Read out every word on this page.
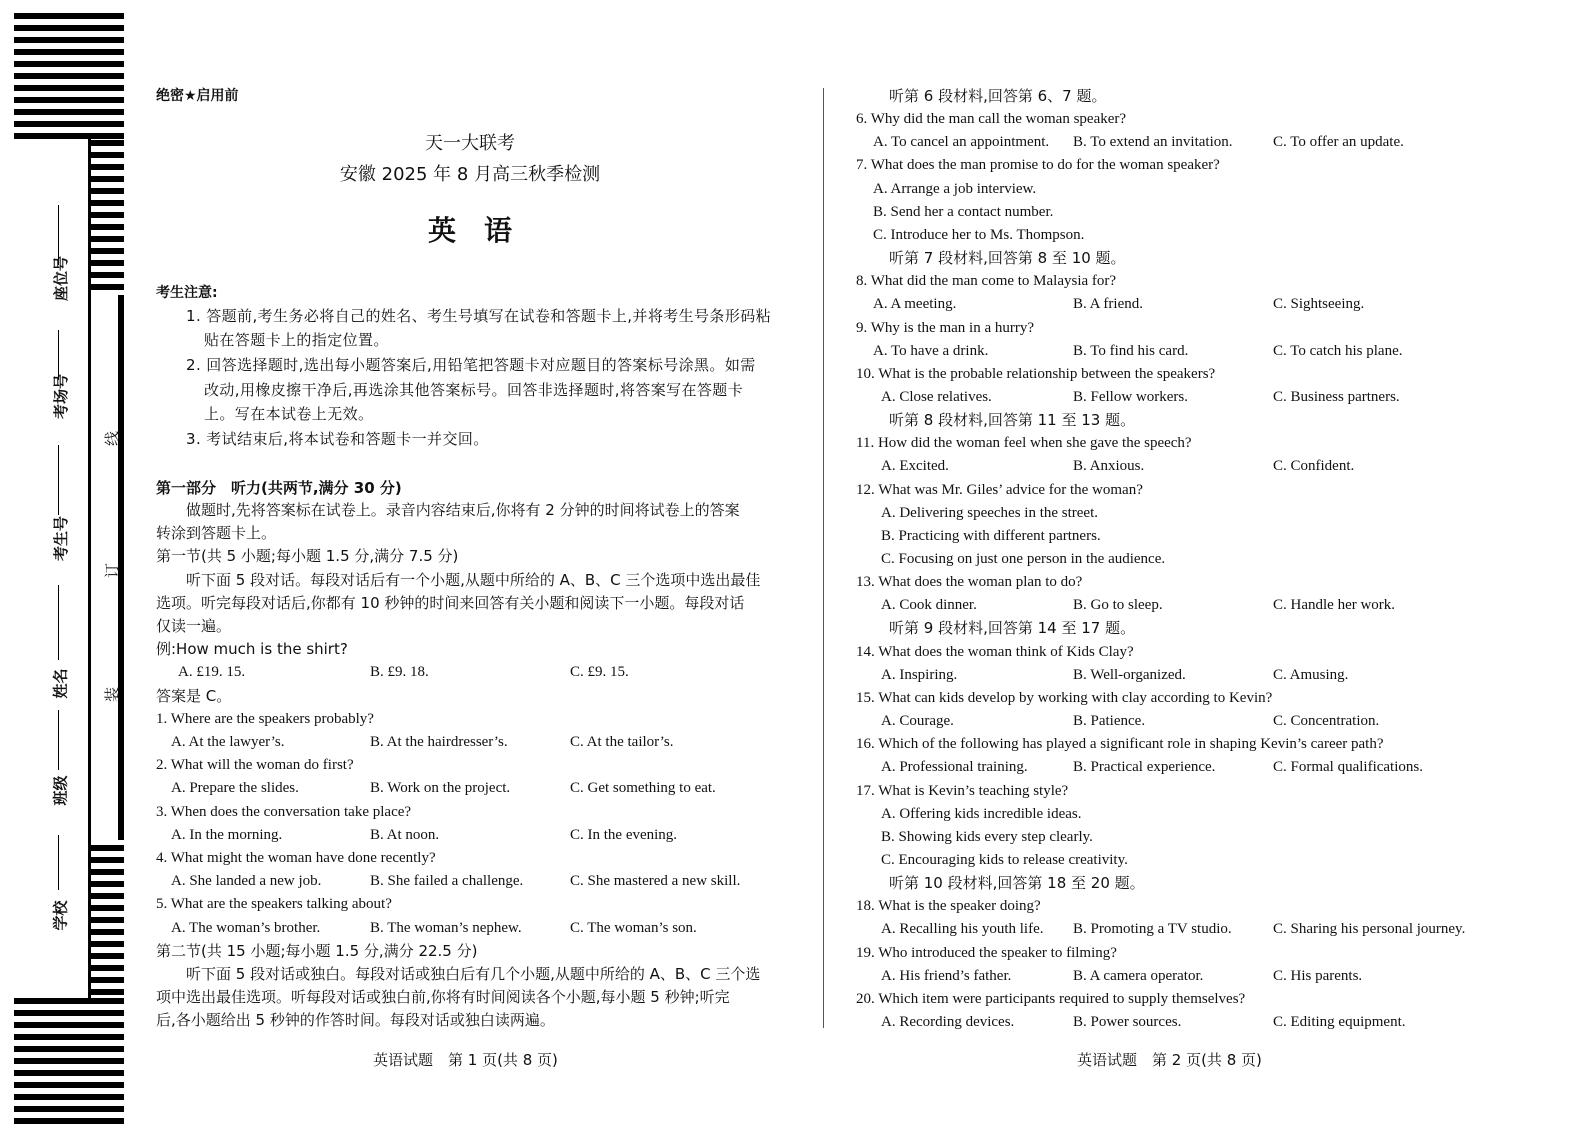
座位号
考场号
考生号
姓名
班级
学校
线
订
装
绝密★启用前
天一大联考
安徽 2025 年 8 月高三秋季检测
英　语
考生注意:
1. 答题前,考生务必将自己的姓名、考生号填写在试卷和答题卡上,并将考生号条形码粘
贴在答题卡上的指定位置。
2. 回答选择题时,选出每小题答案后,用铅笔把答题卡对应题目的答案标号涂黑。如需
改动,用橡皮擦干净后,再选涂其他答案标号。回答非选择题时,将答案写在答题卡
上。写在本试卷上无效。
3. 考试结束后,将本试卷和答题卡一并交回。
第一部分　听力(共两节,满分 30 分)
做题时,先将答案标在试卷上。录音内容结束后,你将有 2 分钟的时间将试卷上的答案
转涂到答题卡上。
第一节(共 5 小题;每小题 1.5 分,满分 7.5 分)
听下面 5 段对话。每段对话后有一个小题,从题中所给的 A、B、C 三个选项中选出最佳
选项。听完每段对话后,你都有 10 秒钟的时间来回答有关小题和阅读下一小题。每段对话
仅读一遍。
例:How much is the shirt?
A. £19. 15.	B. £9. 18.	C. £9. 15.
答案是 C。
1. Where are the speakers probably?
A. At the lawyer’s.	B. At the hairdresser’s.	C. At the tailor’s.
2. What will the woman do first?
A. Prepare the slides.	B. Work on the project.	C. Get something to eat.
3. When does the conversation take place?
A. In the morning.	B. At noon.	C. In the evening.
4. What might the woman have done recently?
A. She landed a new job.	B. She failed a challenge.	C. She mastered a new skill.
5. What are the speakers talking about?
A. The woman’s brother.	B. The woman’s nephew.	C. The woman’s son.
第二节(共 15 小题;每小题 1.5 分,满分 22.5 分)
听下面 5 段对话或独白。每段对话或独白后有几个小题,从题中所给的 A、B、C 三个选
项中选出最佳选项。听每段对话或独白前,你将有时间阅读各个小题,每小题 5 秒钟;听完
后,各小题给出 5 秒钟的作答时间。每段对话或独白读两遍。
英语试题　第 1 页(共 8 页)
听第 6 段材料,回答第 6、7 题。
6. Why did the man call the woman speaker?
A. To cancel an appointment. B. To extend an invitation.	C. To offer an update.
7. What does the man promise to do for the woman speaker?
A. Arrange a job interview.
B. Send her a contact number.
C. Introduce her to Ms. Thompson.
听第 7 段材料,回答第 8 至 10 题。
8. What did the man come to Malaysia for?
A. A meeting.	B. A friend.	C. Sightseeing.
9. Why is the man in a hurry?
A. To have a drink.	B. To find his card.	C. To catch his plane.
10. What is the probable relationship between the speakers?
A. Close relatives.	B. Fellow workers.	C. Business partners.
听第 8 段材料,回答第 11 至 13 题。
11. How did the woman feel when she gave the speech?
A. Excited.	B. Anxious.	C. Confident.
12. What was Mr. Giles’ advice for the woman?
A. Delivering speeches in the street.
B. Practicing with different partners.
C. Focusing on just one person in the audience.
13. What does the woman plan to do?
A. Cook dinner.	B. Go to sleep.	C. Handle her work.
听第 9 段材料,回答第 14 至 17 题。
14. What does the woman think of Kids Clay?
A. Inspiring.	B. Well-organized.	C. Amusing.
15. What can kids develop by working with clay according to Kevin?
A. Courage.	B. Patience.	C. Concentration.
16. Which of the following has played a significant role in shaping Kevin’s career path?
A. Professional training.	B. Practical experience.	C. Formal qualifications.
17. What is Kevin’s teaching style?
A. Offering kids incredible ideas.
B. Showing kids every step clearly.
C. Encouraging kids to release creativity.
听第 10 段材料,回答第 18 至 20 题。
18. What is the speaker doing?
A. Recalling his youth life. B. Promoting a TV studio.	C. Sharing his personal journey.
19. Who introduced the speaker to filming?
A. His friend’s father.	B. A camera operator.	C. His parents.
20. Which item were participants required to supply themselves?
A. Recording devices.	B. Power sources.	C. Editing equipment.
英语试题　第 2 页(共 8 页)
